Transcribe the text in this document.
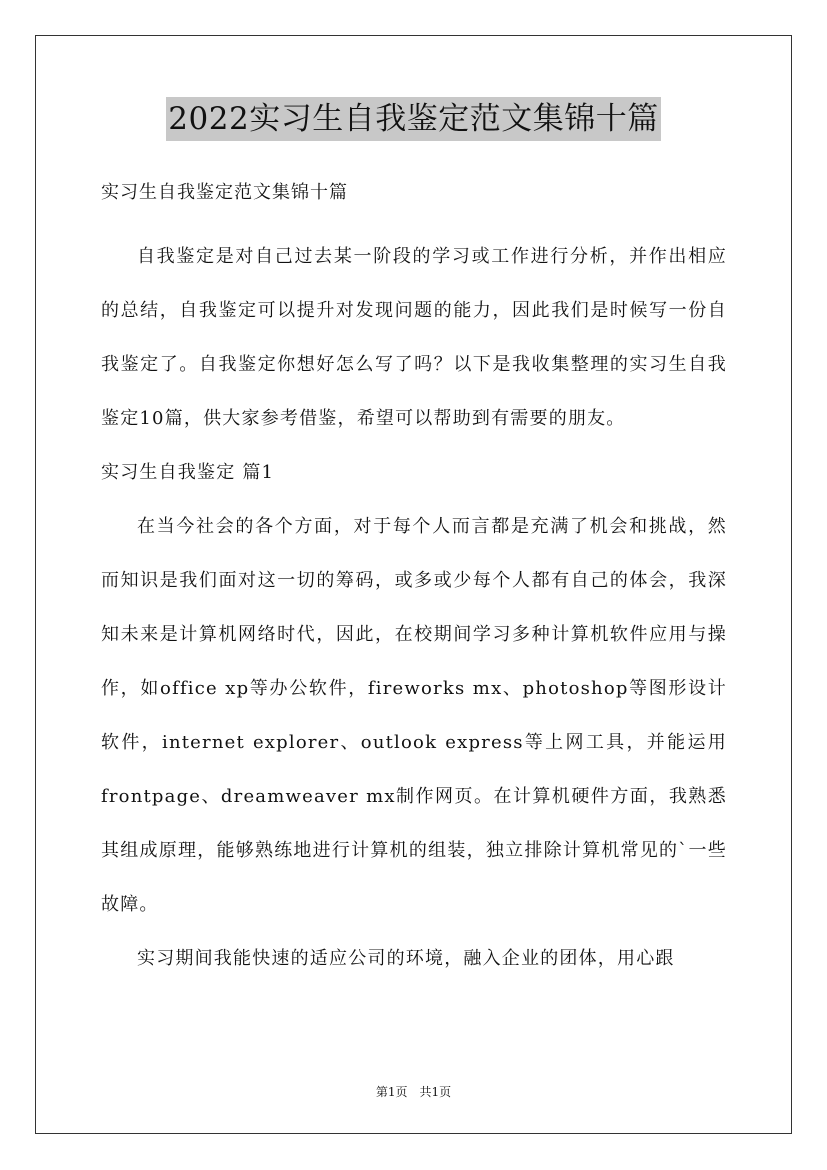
2022实习生自我鉴定范文集锦十篇
实习生自我鉴定范文集锦十篇

自我鉴定是对自己过去某一阶段的学习或工作进行分析，并作出相应的总结，自我鉴定可以提升对发现问题的能力，因此我们是时候写一份自我鉴定了。自我鉴定你想好怎么写了吗？以下是我收集整理的实习生自我鉴定10篇，供大家参考借鉴，希望可以帮助到有需要的朋友。

实习生自我鉴定 篇1

在当今社会的各个方面，对于每个人而言都是充满了机会和挑战，然而知识是我们面对这一切的筹码，或多或少每个人都有自己的体会，我深知未来是计算机网络时代，因此，在校期间学习多种计算机软件应用与操作，如office xp等办公软件，fireworks mx、photoshop等图形设计软件，internet explorer、outlook express等上网工具，并能运用frontpage、dreamweaver mx制作网页。在计算机硬件方面，我熟悉其组成原理，能够熟练地进行计算机的组装，独立排除计算机常见的`一些故障。

实习期间我能快速的适应公司的环境，融入企业的团体，用心跟

第1页　共1页
